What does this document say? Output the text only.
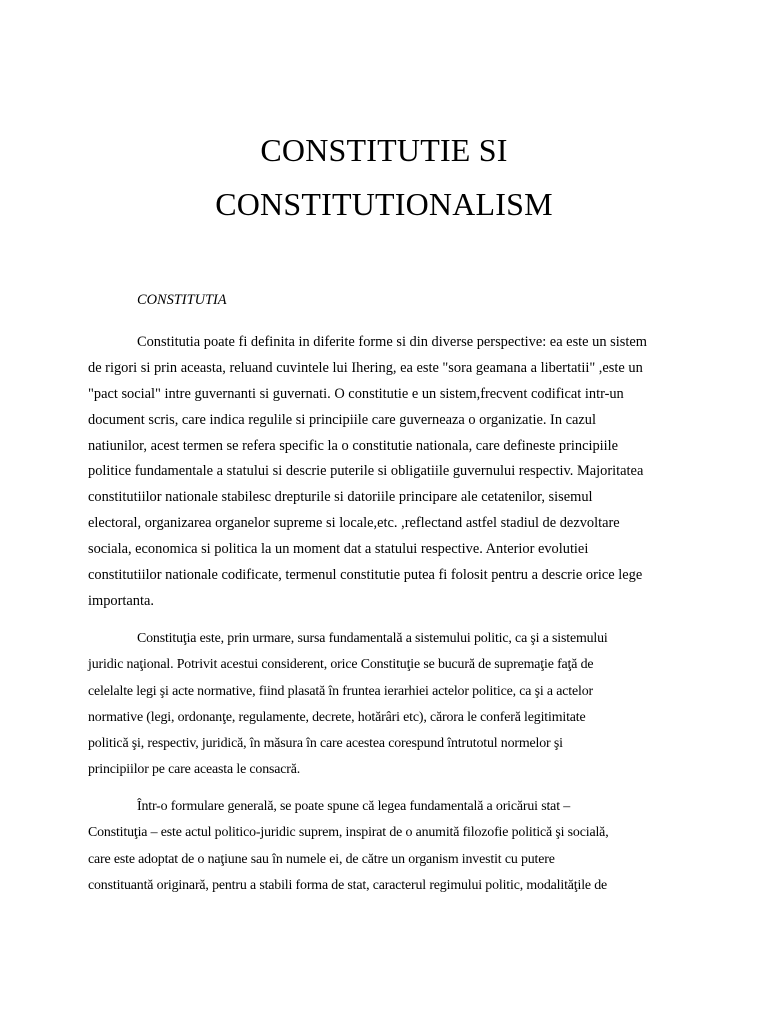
CONSTITUTIE SI
CONSTITUTIONALISM
CONSTITUTIA

Constitutia poate fi definita in diferite forme si din diverse perspective: ea este un sistem
de rigori si prin aceasta, reluand cuvintele lui Ihering, ea este "sora geamana a libertatii" ,este un
"pact social" intre guvernanti si guvernati. O constitutie e un sistem,frecvent codificat intr-un
document scris, care indica regulile si principiile care guverneaza o organizatie. In cazul
natiunilor, acest termen se refera specific la o constitutie nationala, care defineste principiile
politice fundamentale a statului si descrie puterile si obligatiile guvernului respectiv. Majoritatea
constitutiilor nationale stabilesc drepturile si datoriile principare ale cetatenilor, sisemul
electoral, organizarea organelor supreme si locale,etc. ,reflectand astfel stadiul de dezvoltare
sociala, economica si politica la un moment dat a statului respective. Anterior evolutiei
constitutiilor nationale codificate, termenul constitutie putea fi folosit pentru a descrie orice lege
importanta.

Constituţia este, prin urmare, sursa fundamentală a sistemului politic, ca şi a sistemului
juridic naţional. Potrivit acestui considerent, orice Constituţie se bucură de supremaţie faţă de
celelalte legi şi acte normative, fiind plasată în fruntea ierarhiei actelor politice, ca şi a actelor
normative (legi, ordonanţe, regulamente, decrete, hotărâri etc), cărora le conferă legitimitate
politică şi, respectiv, juridică, în măsura în care acestea corespund întrutotul normelor şi
principiilor pe care aceasta le consacră.

Într-o formulare generală, se poate spune că legea fundamentală a oricărui stat –
Constituţia – este actul politico-juridic suprem, inspirat de o anumită filozofie politică şi socială,
care este adoptat de o naţiune sau în numele ei, de către un organism investit cu putere
constituantă originară, pentru a stabili forma de stat, caracterul regimului politic, modalităţile de
